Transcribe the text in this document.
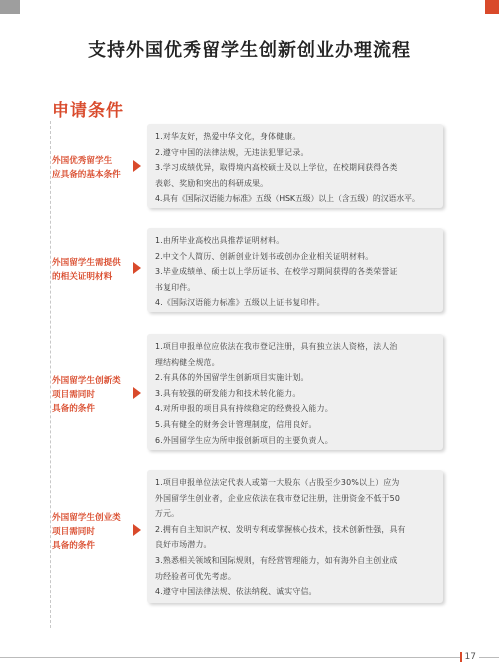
支持外国优秀留学生创新创业办理流程
申请条件
外国优秀留学生
应具备的基本条件
1.对华友好，热爱中华文化，身体健康。
2.遵守中国的法律法规，无违法犯罪记录。
3.学习成绩优异，取得境内高校硕士及以上学位，在校期间获得各类
表彰、奖励和突出的科研成果。
4.具有《国际汉语能力标准》五级（HSK五级）以上（含五级）的汉语水平。
外国留学生需提供
的相关证明材料
1.由所毕业高校出具推荐证明材料。
2.中文个人简历、创新创业计划书或创办企业相关证明材料。
3.毕业成绩单、硕士以上学历证书、在校学习期间获得的各类荣誉证
书复印件。
4.《国际汉语能力标准》五级以上证书复印件。
外国留学生创新类
项目需同时
具备的条件
1.项目申报单位应依法在我市登记注册，具有独立法人资格，法人治
理结构健全规范。
2.有具体的外国留学生创新项目实施计划。
3.具有较强的研发能力和技术转化能力。
4.对所申报的项目具有持续稳定的经费投入能力。
5.具有健全的财务会计管理制度，信用良好。
6.外国留学生应为所申报创新项目的主要负责人。
外国留学生创业类
项目需同时
具备的条件
1.项目申报单位法定代表人或第一大股东（占股至少30%以上）应为
外国留学生创业者，企业应依法在我市登记注册，注册资金不低于50
万元。
2.拥有自主知识产权、发明专利或掌握核心技术，技术创新性强，具有
良好市场潜力。
3.熟悉相关领域和国际规则，有经营管理能力，如有海外自主创业成
功经验者可优先考虑。
4.遵守中国法律法规、依法纳税、诚实守信。
17
